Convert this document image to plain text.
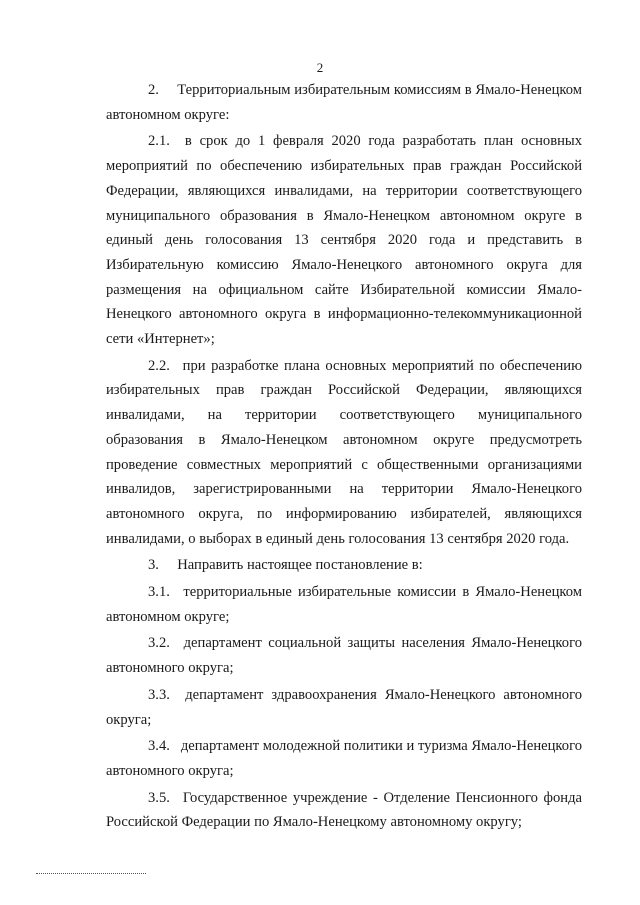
2

2.  Территориальным избирательным комиссиям в Ямало-Ненецком автономном округе:

2.1.  в срок до 1 февраля 2020 года разработать план основных мероприятий по обеспечению избирательных прав граждан Российской Федерации, являющихся инвалидами, на территории соответствующего муниципального образования в Ямало-Ненецком автономном округе в единый день голосования 13 сентября 2020 года и представить в Избирательную комиссию Ямало-Ненецкого автономного округа для размещения на официальном сайте Избирательной комиссии Ямало-Ненецкого автономного округа в информационно-телекоммуникационной сети «Интернет»;

2.2.  при разработке плана основных мероприятий по обеспечению избирательных прав граждан Российской Федерации, являющихся инвалидами, на территории соответствующего муниципального образования в Ямало-Ненецком автономном округе предусмотреть проведение совместных мероприятий с общественными организациями инвалидов, зарегистрированными на территории Ямало-Ненецкого автономного округа, по информированию избирателей, являющихся инвалидами, о выборах в единый день голосования 13 сентября 2020 года.

3.  Направить настоящее постановление в:

3.1.  территориальные избирательные комиссии в Ямало-Ненецком автономном округе;

3.2.  департамент социальной защиты населения Ямало-Ненецкого автономного округа;

3.3.  департамент здравоохранения Ямало-Ненецкого автономного округа;

3.4.  департамент молодежной политики и туризма Ямало-Ненецкого автономного округа;

3.5.  Государственное учреждение - Отделение Пенсионного фонда Российской Федерации по Ямало-Ненецкому автономному округу;
